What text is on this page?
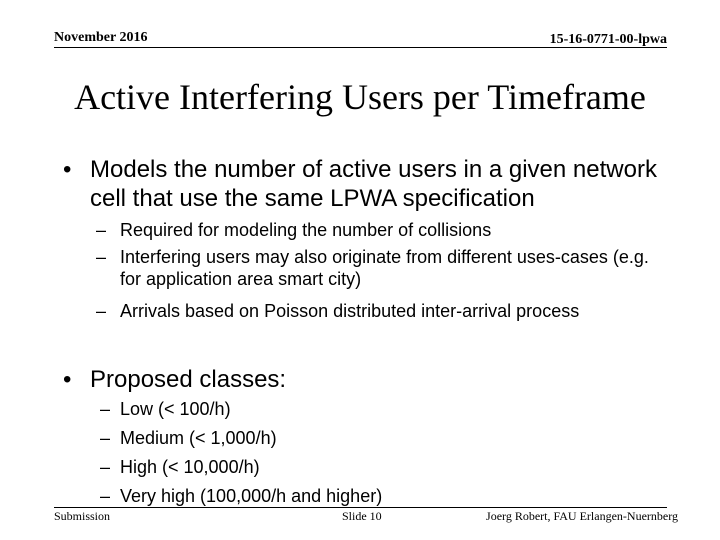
November 2016	15-16-0771-00-lpwa
Active Interfering Users per Timeframe
• Models the number of active users in a given network cell that use the same LPWA specification
– Required for modeling the number of collisions
– Interfering users may also originate from different uses-cases (e.g. for application area smart city)
– Arrivals based on Poisson distributed inter-arrival process
• Proposed classes:
– Low (< 100/h)
– Medium (< 1,000/h)
– High (< 10,000/h)
– Very high (100,000/h and higher)
Submission	Slide 10	Joerg Robert, FAU Erlangen-Nuernberg
